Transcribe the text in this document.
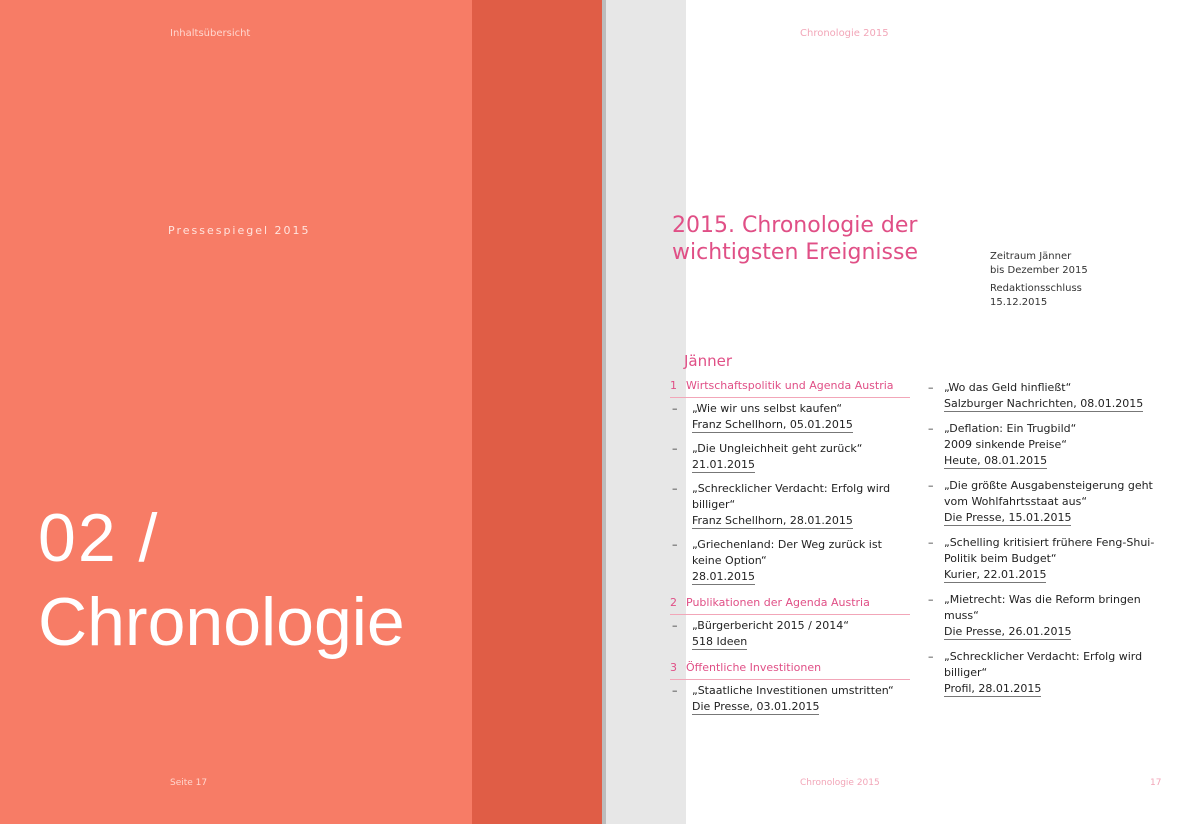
Inhaltsübersicht
Pressespiegel 2015
02 /
Chronologie
Seite 17
Chronologie 2015
2015. Chronologie der
wichtigsten Ereignisse	Zeitraum Jänner
bis Dezember 2015
Redaktionsschluss
15.12.2015
Jänner
1 Wirtschaftspolitik und Agenda Austria
– „Wie wir uns selbst kaufen“
Franz Schellhorn, 05.01.2015
– „Die Ungleichheit geht zurück“
21.01.2015
– „Schrecklicher Verdacht: Erfolg wird billiger“
Franz Schellhorn, 28.01.2015
– „Griechenland: Der Weg zurück ist keine Option“
28.01.2015
2 Publikationen der Agenda Austria
– „Bürgerbericht 2015 / 2014“
518 Ideen
3 Öffentliche Investitionen
– „Staatliche Investitionen umstritten“
Die Presse, 03.01.2015
– „Wo das Geld hinfließt“
Salzburger Nachrichten, 08.01.2015
– „Deflation: Ein Trugbild“
2009 sinkende Preise“
Heute, 08.01.2015
– „Die größte Ausgabensteigerung geht vom Wohlfahrtsstaat aus“
Die Presse, 15.01.2015
– „Schelling kritisiert frühere Feng-Shui-Politik beim Budget“
Kurier, 22.01.2015
– „Mietrecht: Was die Reform bringen muss“
Die Presse, 26.01.2015
– „Schrecklicher Verdacht: Erfolg wird billiger“
Profil, 28.01.2015
Chronologie 2015	17
